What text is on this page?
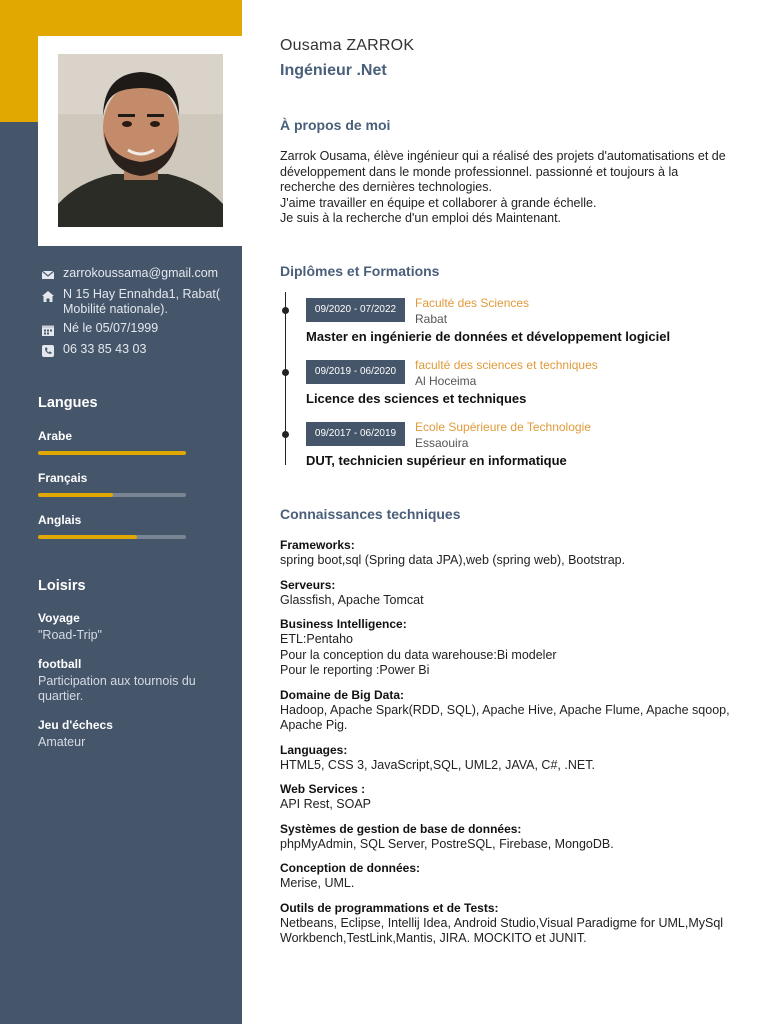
zarrokoussama@gmail.com
N 15 Hay Ennahda1, Rabat( Mobilité nationale).
Né le 05/07/1999
06 33 85 43 03
Langues
Arabe
Français
Anglais
Loisirs
Voyage
"Road-Trip"
football
Participation aux tournois du quartier.
Jeu d'échecs
Amateur
Ousama ZARROK
Ingénieur .Net
À propos de moi
Zarrok Ousama, élève ingénieur qui a réalisé des projets d'automatisations et de développement dans le monde professionnel. passionné et toujours à la recherche des dernières technologies.
J'aime travailler en équipe et collaborer à grande échelle.
Je suis à la recherche d'un emploi dés Maintenant.
Diplômes et Formations
09/2020 - 07/2022	Faculté des Sciences
Rabat
Master en ingénierie de données et développement logiciel
09/2019 - 06/2020	faculté des sciences et techniques
Al Hoceima
Licence des sciences et techniques
09/2017 - 06/2019	Ecole Supérieure de Technologie
Essaouira
DUT, technicien supérieur en informatique
Connaissances techniques
Frameworks:
spring boot,sql (Spring data JPA),web (spring web), Bootstrap.
Serveurs:
Glassfish, Apache Tomcat
Business Intelligence:
ETL:Pentaho
Pour la conception du data warehouse:Bi modeler
Pour le reporting :Power Bi
Domaine de Big Data:
Hadoop, Apache Spark(RDD, SQL), Apache Hive, Apache Flume, Apache sqoop, Apache Pig.
Languages:
HTML5, CSS 3, JavaScript,SQL, UML2, JAVA, C#, .NET.
Web Services :
API Rest, SOAP
Systèmes de gestion de base de données:
phpMyAdmin, SQL Server, PostreSQL, Firebase, MongoDB.
Conception de données:
Merise, UML.
Outils de programmations et de Tests:
Netbeans, Eclipse, Intellij Idea, Android Studio,Visual Paradigme for UML,MySql Workbench,TestLink,Mantis, JIRA. MOCKITO et JUNIT.
